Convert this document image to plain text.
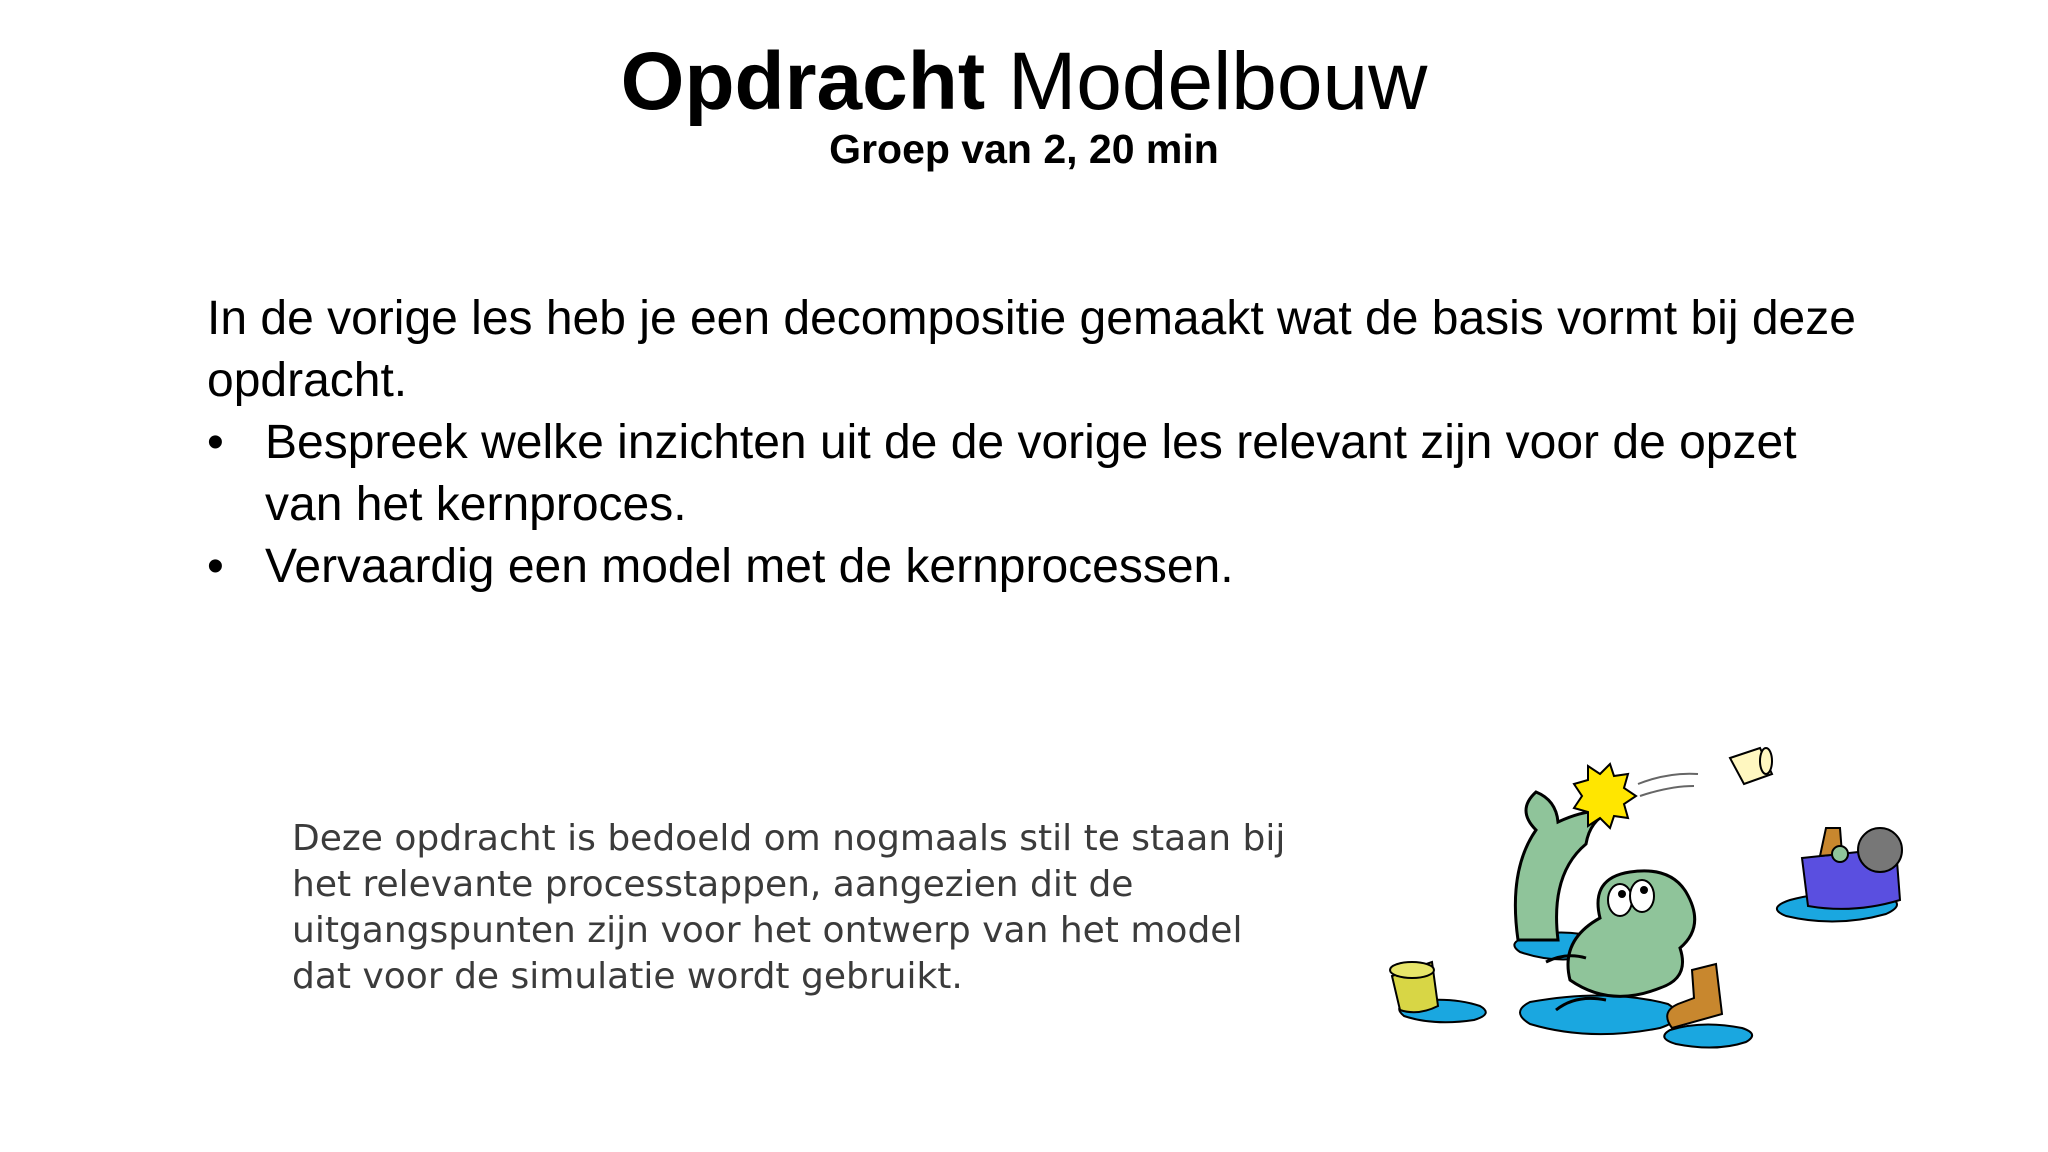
Opdracht Modelbouw
Groep van 2, 20 min

In de vorige les heb je een decompositie gemaakt wat de basis vormt bij deze opdracht.

• Bespreek welke inzichten uit de de vorige les relevant zijn voor de opzet van het kernproces.
• Vervaardig een model met de kernprocessen.
Deze opdracht is bedoeld om nogmaals stil te staan bij het relevante processtappen, aangezien dit de uitgangspunten zijn voor het ontwerp van het model dat voor de simulatie wordt gebruikt.
